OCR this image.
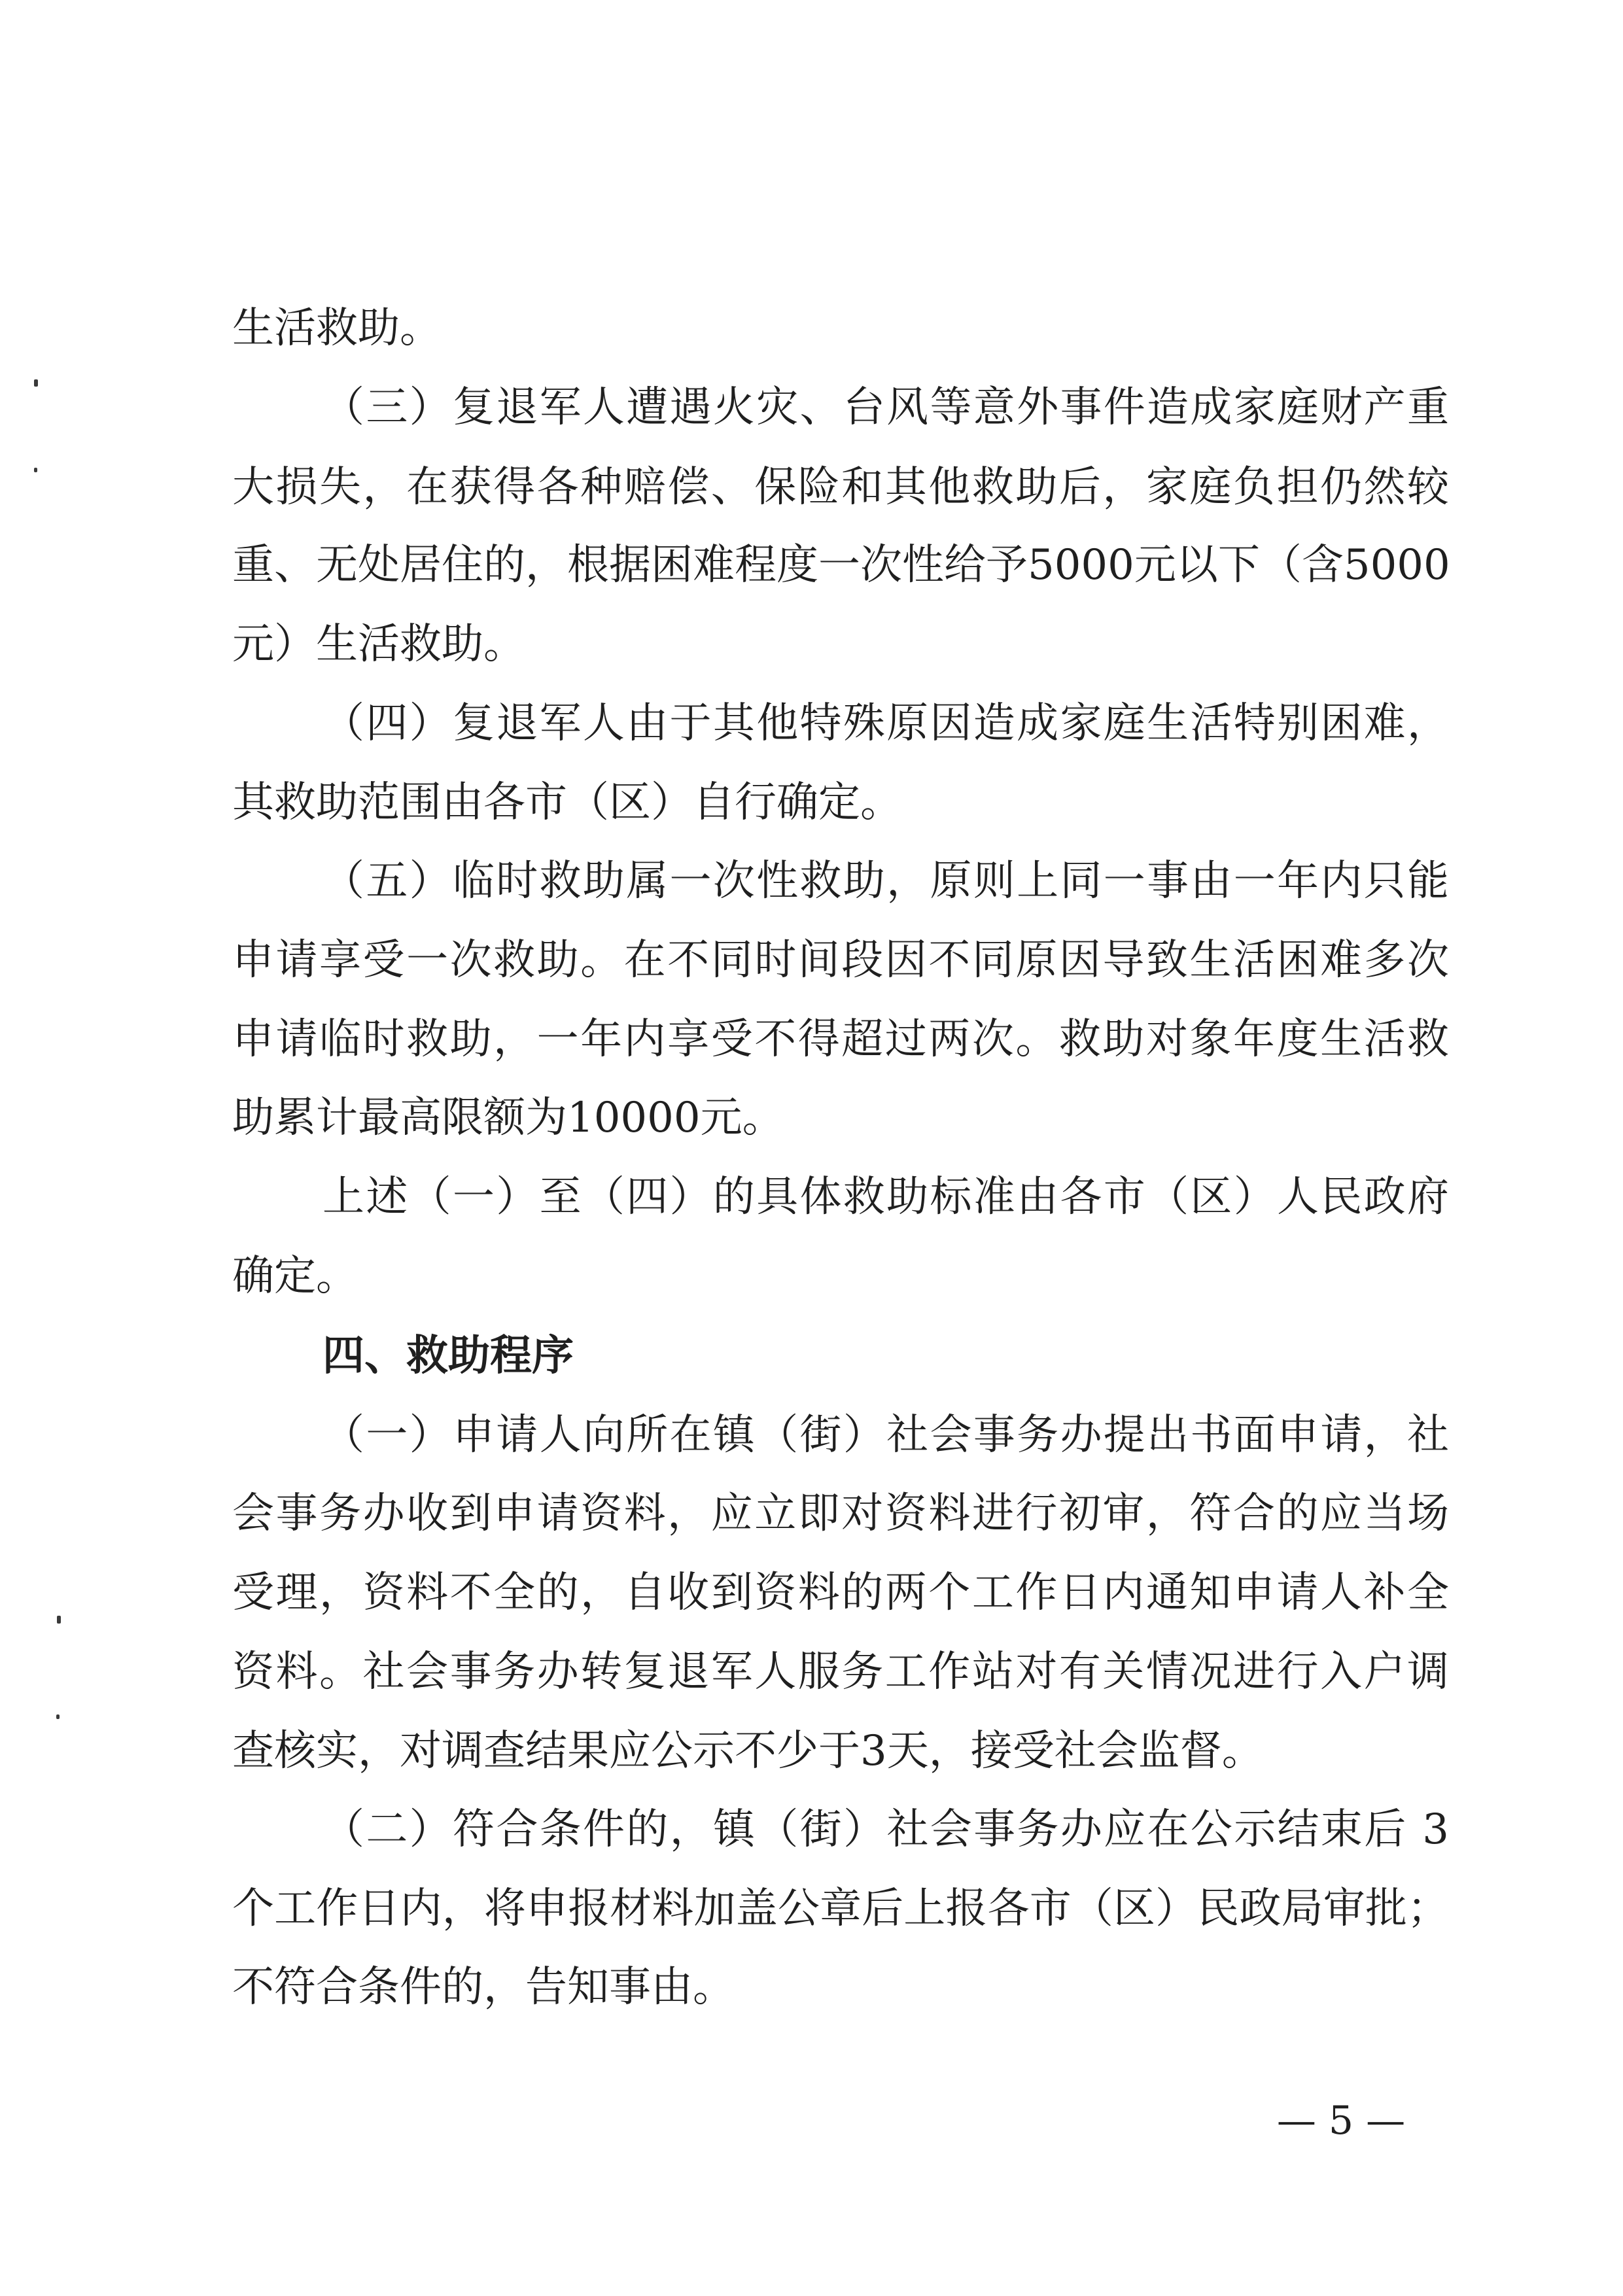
生活救助。
（三）复退军人遭遇火灾、台风等意外事件造成家庭财产重
大损失，在获得各种赔偿、保险和其他救助后，家庭负担仍然较
重、无处居住的，根据困难程度一次性给予5000元以下（含5000
元）生活救助。
（四）复退军人由于其他特殊原因造成家庭生活特别困难，
其救助范围由各市（区）自行确定。
（五）临时救助属一次性救助，原则上同一事由一年内只能
申请享受一次救助。在不同时间段因不同原因导致生活困难多次
申请临时救助，一年内享受不得超过两次。救助对象年度生活救
助累计最高限额为10000元。
上述（一）至（四）的具体救助标准由各市（区）人民政府
确定。
四、救助程序
（一）申请人向所在镇（街）社会事务办提出书面申请，社
会事务办收到申请资料，应立即对资料进行初审，符合的应当场
受理，资料不全的，自收到资料的两个工作日内通知申请人补全
资料。社会事务办转复退军人服务工作站对有关情况进行入户调
查核实，对调查结果应公示不少于3天，接受社会监督。
（二）符合条件的，镇（街）社会事务办应在公示结束后 3
个工作日内，将申报材料加盖公章后上报各市（区）民政局审批；
不符合条件的，告知事由。
— 5 —
